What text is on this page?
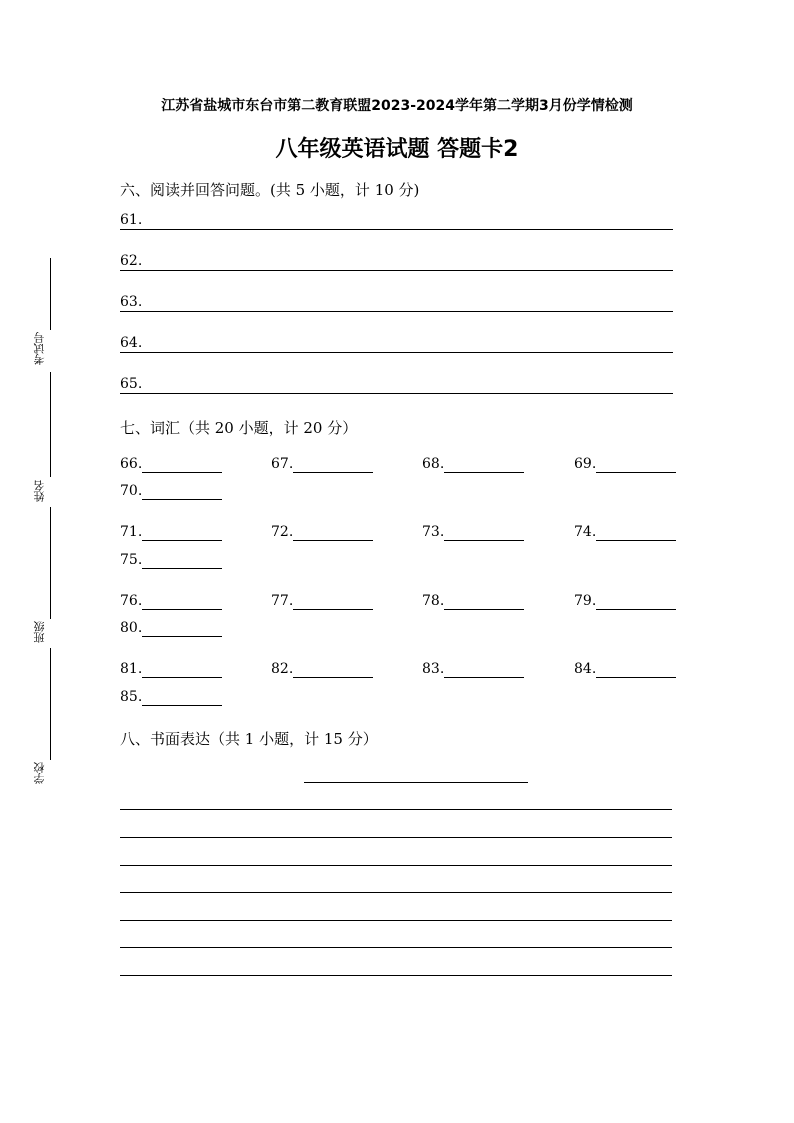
考试号
姓名
班级
学校
江苏省盐城市东台市第二教育联盟2023-2024学年第二学期3月份学情检测
八年级英语试题 答题卡2
六、阅读并回答问题。(共 5 小题，计 10 分)
61.
62.
63.
64.
65.
七、词汇（共 20 小题，计 20 分）
66.	67.	68.	69.
70.
71.	72.	73.	74.
75.
76.	77.	78.	79.
80.
81.	82.	83.	84.
85.
八、书面表达（共 1 小题，计 15 分）
